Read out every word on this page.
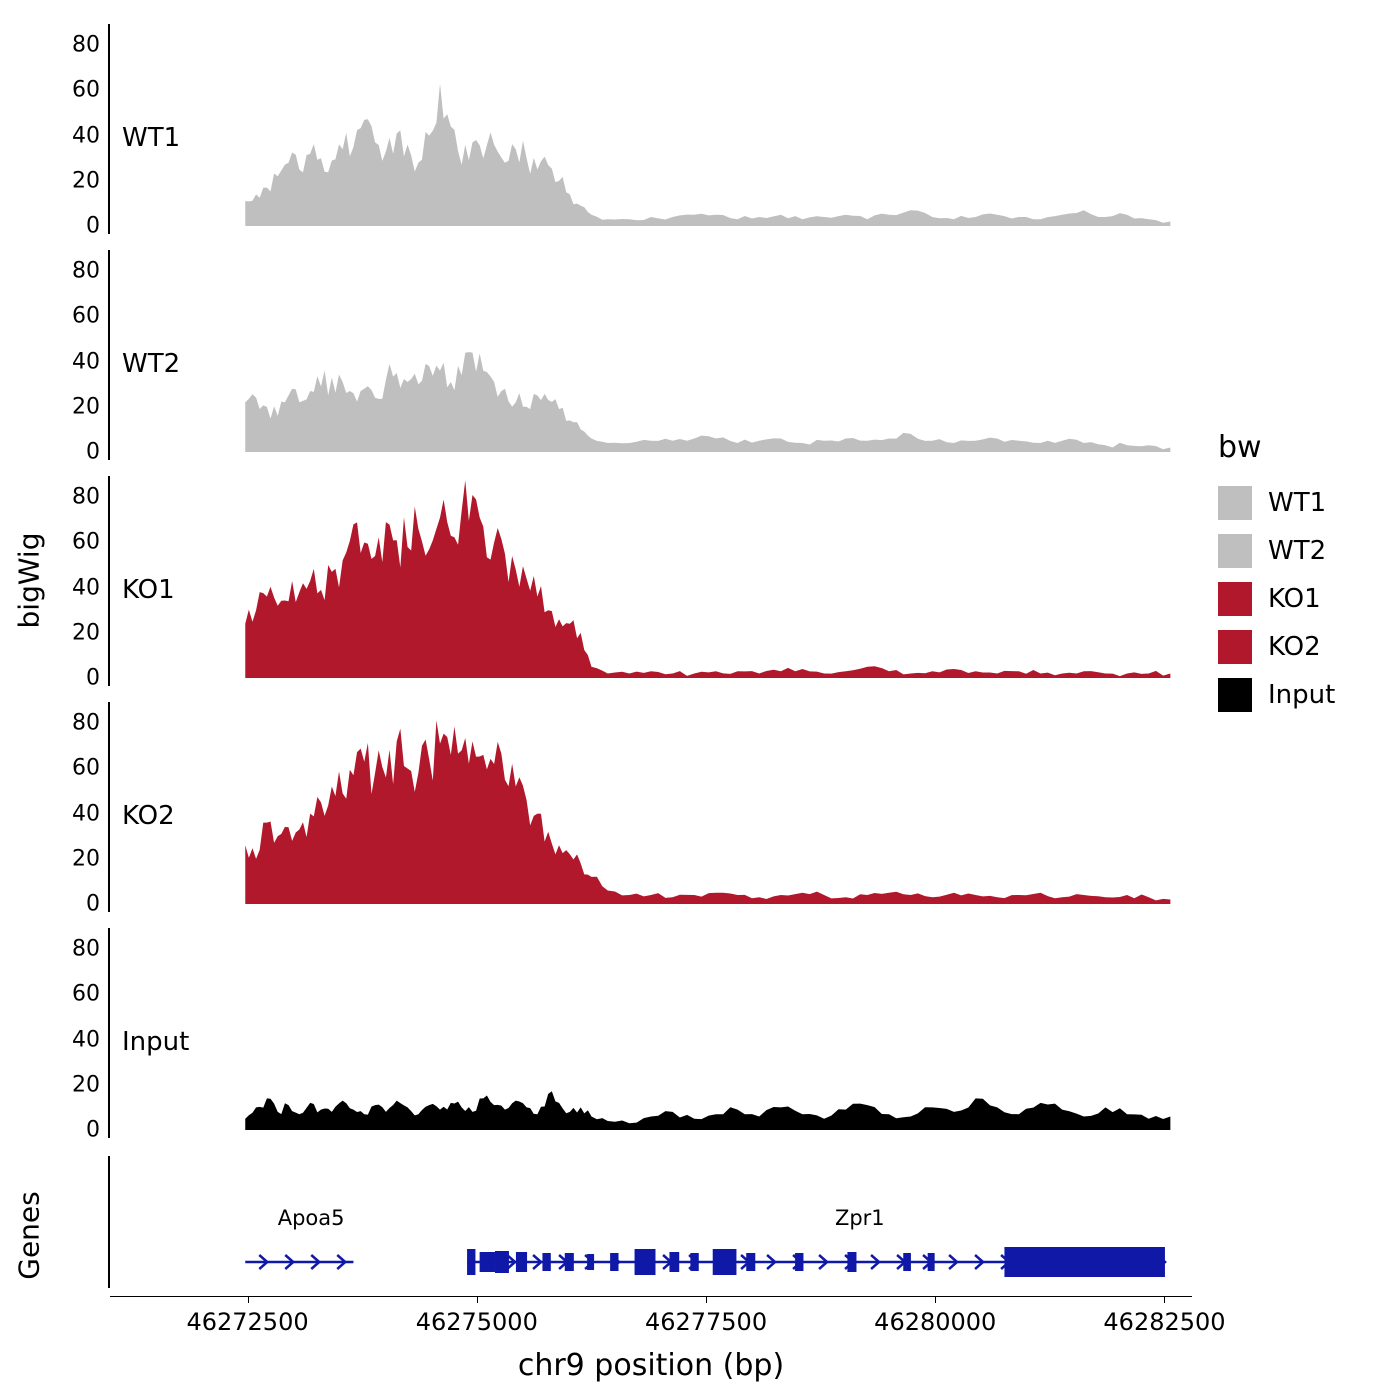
bigWig
Genes
0
20
40
60
80
WT1
0
20
40
60
80
WT2
0
20
40
60
80
KO1
0
20
40
60
80
KO2
0
20
40
60
80
Input
Apoa5	Zpr1
46272500	46275000	46277500	46280000	46282500
chr9 position (bp)
bw
WT1
WT2
KO1
KO2
Input
